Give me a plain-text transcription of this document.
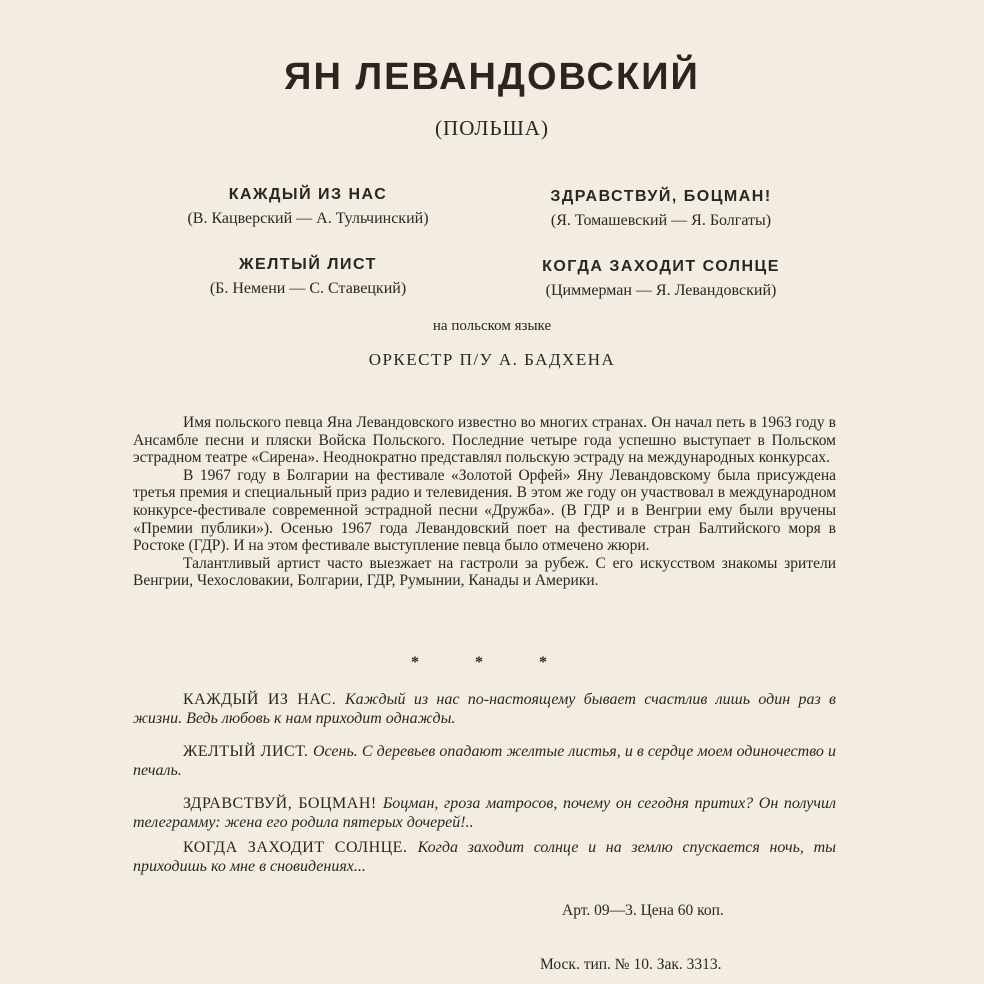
ЯН ЛЕВАНДОВСКИЙ
(ПОЛЬША)
КАЖДЫЙ ИЗ НАС
(В. Кацверский — А. Тульчинский)
ЗДРАВСТВУЙ, БОЦМАН!
(Я. Томашевский — Я. Болгаты)
ЖЕЛТЫЙ ЛИСТ
(Б. Немени — С. Ставецкий)
КОГДА ЗАХОДИТ СОЛНЦЕ
(Циммерман — Я. Левандовский)
на польском языке
ОРКЕСТР П/У А. БАДХЕНА

Имя польского певца Яна Левандовского известно во многих странах. Он начал петь в 1963 году в Ансамбле песни и пляски Войска Польского. Последние четыре года успешно выступает в Польском эстрадном театре «Сирена». Неоднократно представлял польскую эстраду на международных конкурсах.

В 1967 году в Болгарии на фестивале «Золотой Орфей» Яну Левандовскому была присуждена третья премия и специальный приз радио и телевидения. В этом же году он участвовал в международном конкурсе-фестивале современной эстрадной песни «Дружба». (В ГДР и в Венгрии ему были вручены «Премии публики»). Осенью 1967 года Левандовский поет на фестивале стран Балтийского моря в Ростоке (ГДР). И на этом фестивале выступление певца было отмечено жюри.

Талантливый артист часто выезжает на гастроли за рубеж. С его искусством знакомы зрители Венгрии, Чехословакии, Болгарии, ГДР, Румынии, Канады и Америки.

* * *

КАЖДЫЙ ИЗ НАС. Каждый из нас по-настоящему бывает счастлив лишь один раз в жизни. Ведь любовь к нам приходит однажды.

ЖЕЛТЫЙ ЛИСТ. Осень. С деревьев опадают желтые листья, и в сердце моем одиночество и печаль.

ЗДРАВСТВУЙ, БОЦМАН! Боцман, гроза матросов, почему он сегодня притих? Он получил телеграмму: жена его родила пятерых дочерей!..

КОГДА ЗАХОДИТ СОЛНЦЕ. Когда заходит солнце и на землю спускается ночь, ты приходишь ко мне в сновидениях...

Арт. 09—3. Цена 60 коп.
Моск. тип. № 10. Зак. 3313.
